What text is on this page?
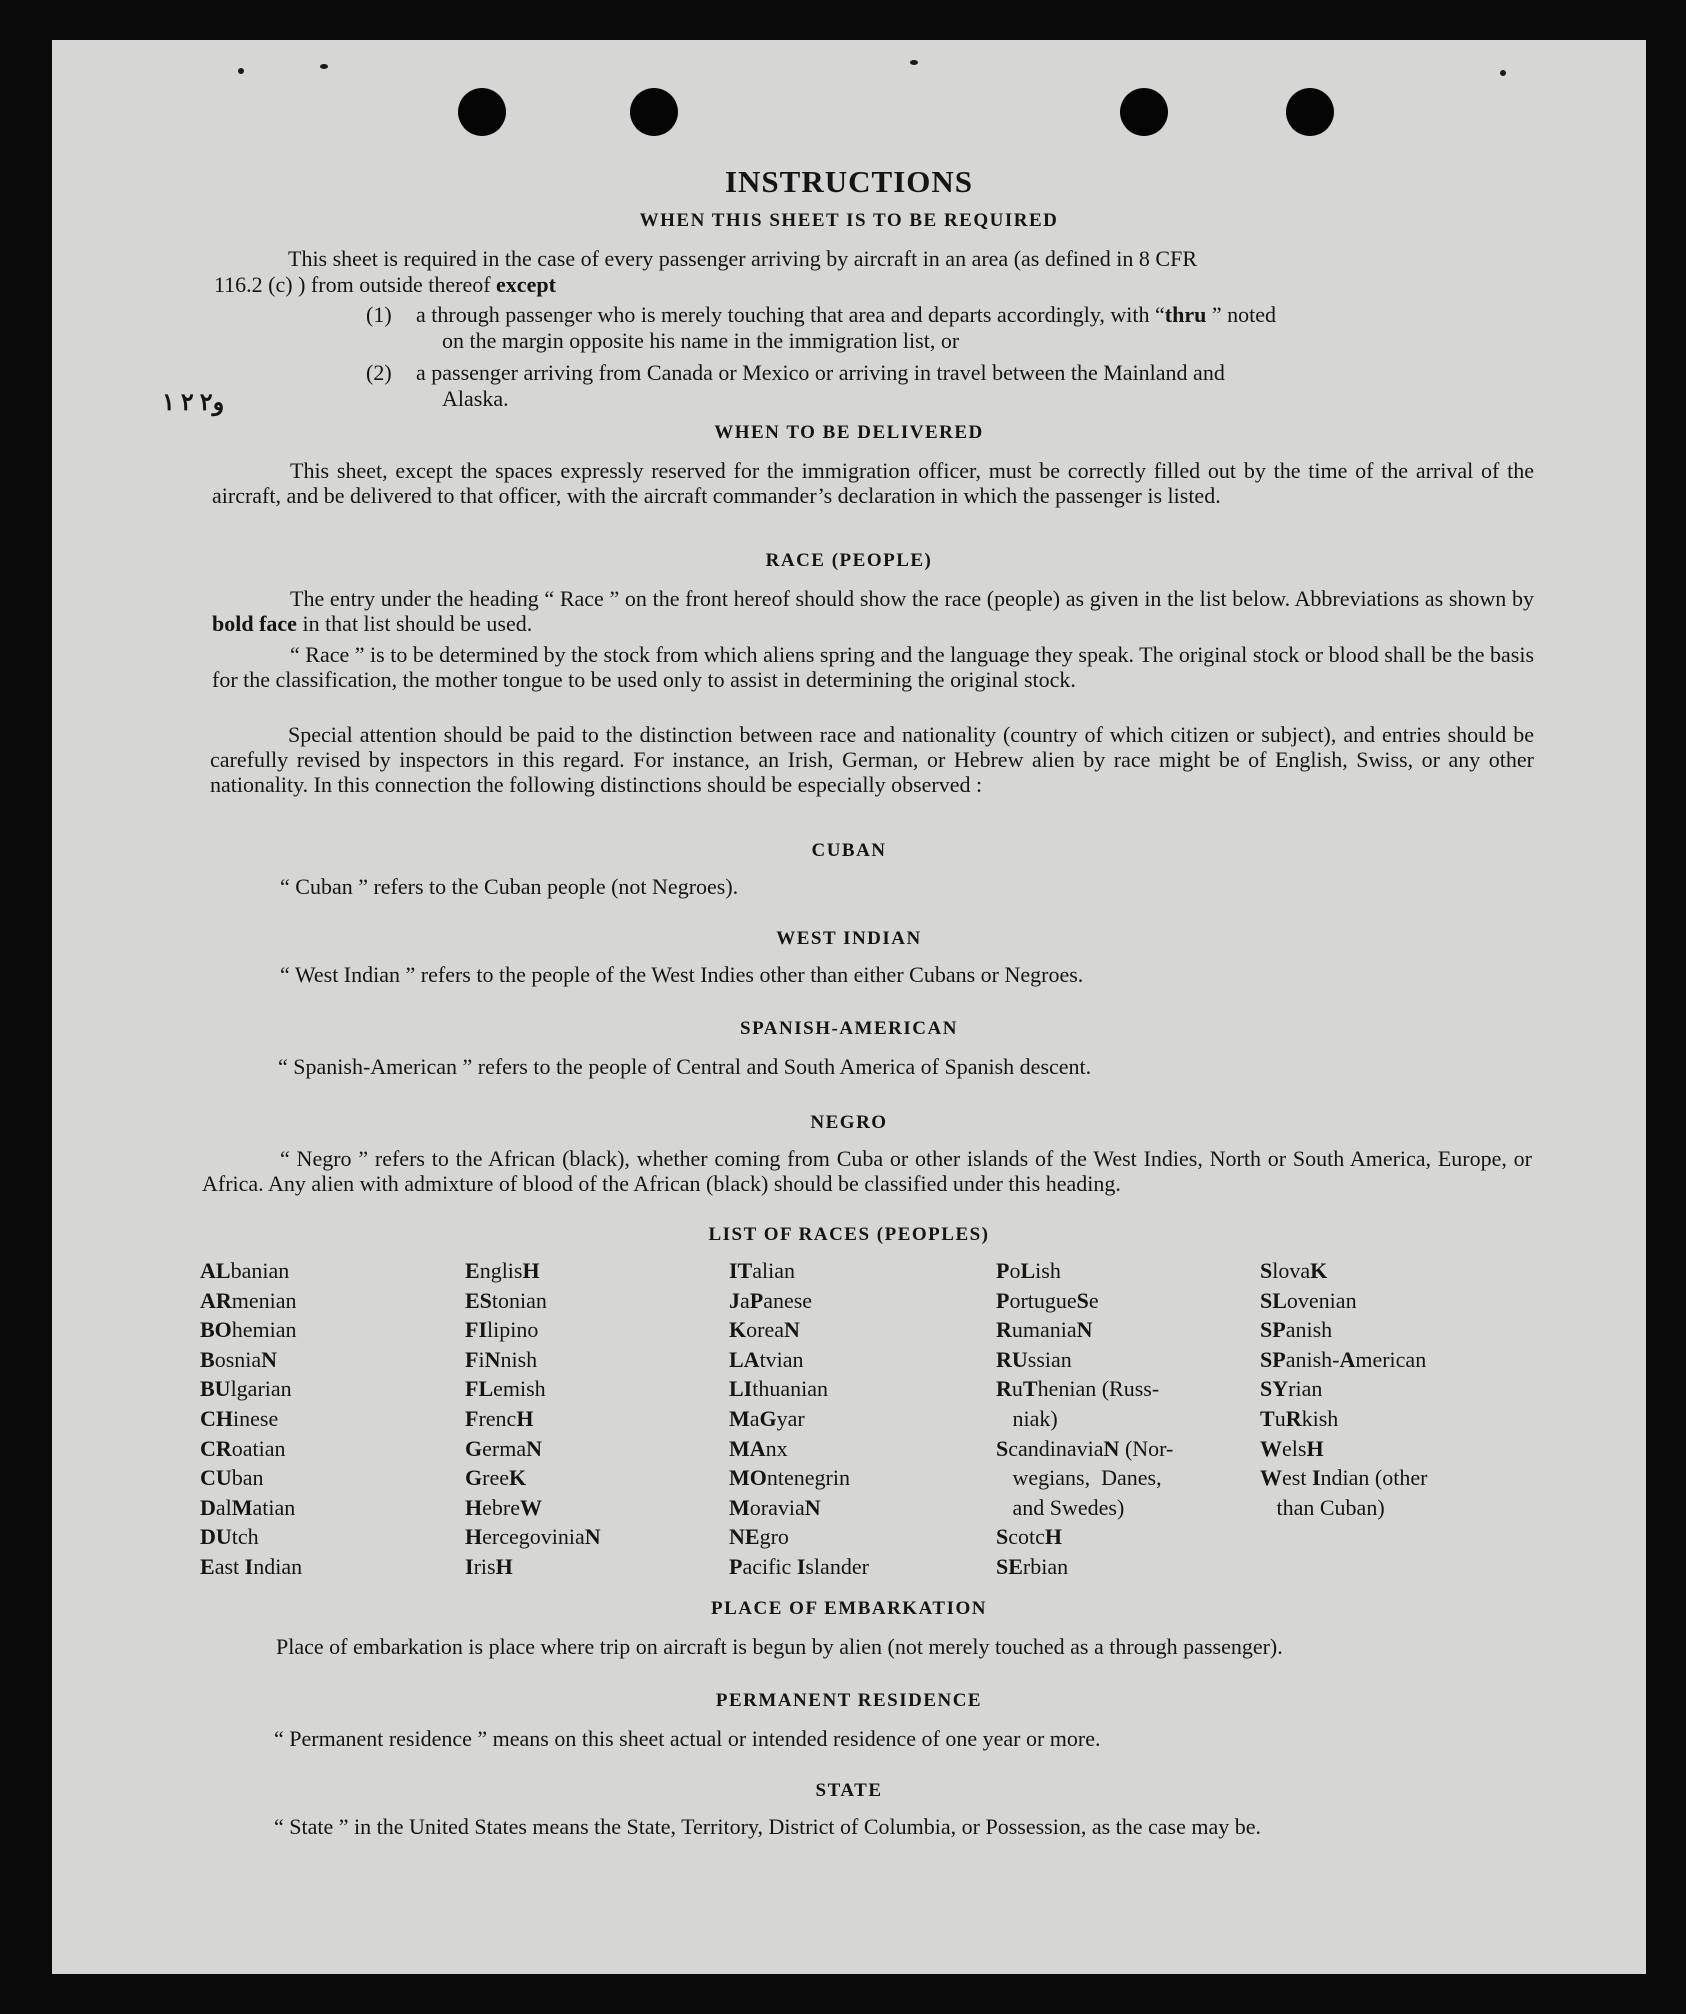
INSTRUCTIONS
WHEN THIS SHEET IS TO BE REQUIRED
This sheet is required in the case of every passenger arriving by aircraft in an area (as defined in 8 CFR
116.2 (c) ) from outside thereof except
(1) a through passenger who is merely touching that area and departs accordingly, with “thru ” noted
on the margin opposite his name in the immigration list, or
(2) a passenger arriving from Canada or Mexico or arriving in travel between the Mainland and
Alaska.
و٢ ٢ ١
WHEN TO BE DELIVERED
This sheet, except the spaces expressly reserved for the immigration officer, must be correctly filled out by the time of the arrival of the aircraft, and be delivered to that officer, with the aircraft commander’s declaration in which the passenger is listed.
RACE (PEOPLE)
The entry under the heading “ Race ” on the front hereof should show the race (people) as given in the list below. Abbreviations as shown by bold face in that list should be used.
“ Race ” is to be determined by the stock from which aliens spring and the language they speak. The original stock or blood shall be the basis for the classification, the mother tongue to be used only to assist in determining the original stock.
Special attention should be paid to the distinction between race and nationality (country of which citizen or subject), and entries should be carefully revised by inspectors in this regard. For instance, an Irish, German, or Hebrew alien by race might be of English, Swiss, or any other nationality. In this connection the following distinctions should be especially observed :
CUBAN
“ Cuban ” refers to the Cuban people (not Negroes).
WEST INDIAN
“ West Indian ” refers to the people of the West Indies other than either Cubans or Negroes.
SPANISH-AMERICAN
“ Spanish-American ” refers to the people of Central and South America of Spanish descent.
NEGRO
“ Negro ” refers to the African (black), whether coming from Cuba or other islands of the West Indies, North or South America, Europe, or Africa. Any alien with admixture of blood of the African (black) should be classified under this heading.
LIST OF RACES (PEOPLES)
ALbanian
ARmenian
BOhemian
BosniaN
BUlgarian
CHinese
CRoatian
CUban
DalMatian
DUtch
East Indian
EnglisH
EStonian
FIlipino
FiNnish
FLemish
FrencH
GermaN
GreeK
HebreW
HercegoviniaN
IrisH
ITalian
JaPanese
KoreaN
LAtvian
LIthuanian
MaGyar
MAnx
MOntenegrin
MoraviaN
NEgro
Pacific Islander
PoLish
PortugueSe
RumaniaN
RUssian
RuThenian (Russ-
niak)
ScandinaviaN (Nor-
wegians,  Danes,
and Swedes)
ScotcH
SErbian
SlovaK
SLovenian
SPanish
SPanish-American
SYrian
TuRkish
WelsH
West Indian (other
than Cuban)
PLACE OF EMBARKATION
Place of embarkation is place where trip on aircraft is begun by alien (not merely touched as a through passenger).
PERMANENT RESIDENCE
“ Permanent residence ” means on this sheet actual or intended residence of one year or more.
STATE
“ State ” in the United States means the State, Territory, District of Columbia, or Possession, as the case may be.
